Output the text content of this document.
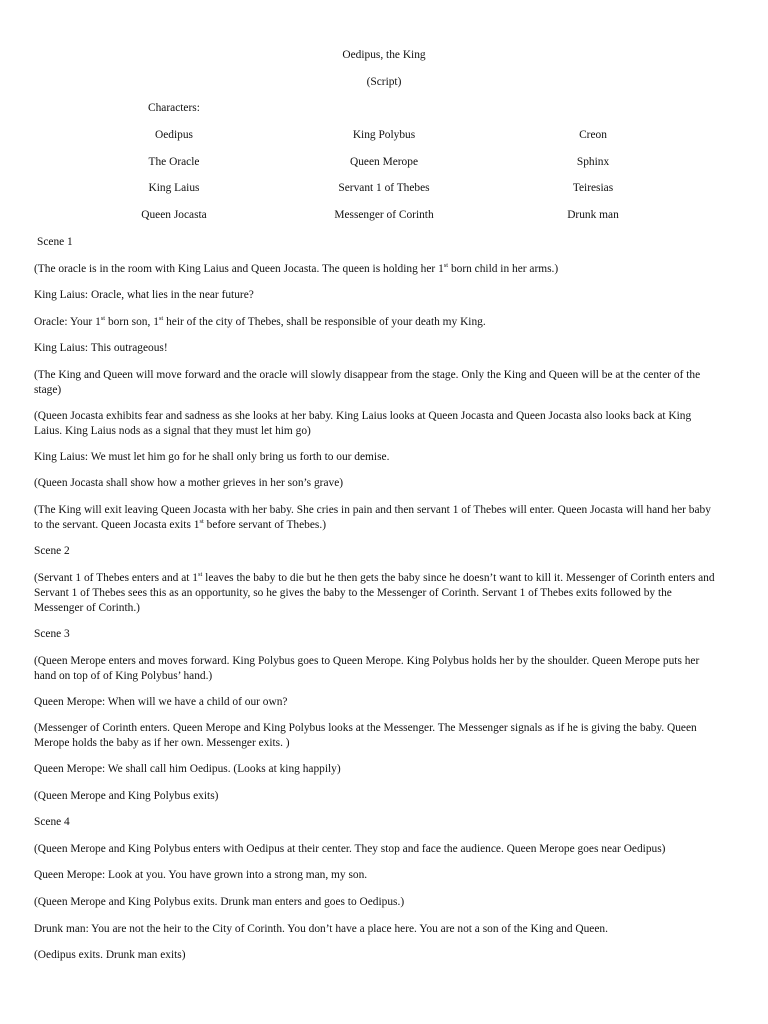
Oedipus, the King
(Script)
Characters:
Oedipus	King Polybus	Creon
The Oracle	Queen Merope	Sphinx
King Laius	Servant 1 of Thebes	Teiresias
Queen Jocasta	Messenger of Corinth	Drunk man
Scene 1
(The oracle is in the room with King Laius and Queen Jocasta. The queen is holding her 1st born child in her arms.)
King Laius: Oracle, what lies in the near future?
Oracle: Your 1st born son, 1st heir of the city of Thebes, shall be responsible of your death my King.
King Laius: This outrageous!
(The King and Queen will move forward and the oracle will slowly disappear from the stage. Only the King and Queen will be at the center of the
stage)
(Queen Jocasta exhibits fear and sadness as she looks at her baby. King Laius looks at Queen Jocasta and Queen Jocasta also looks back at King
Laius. King Laius nods as a signal that they must let him go)
King Laius: We must let him go for he shall only bring us forth to our demise.
(Queen Jocasta shall show how a mother grieves in her son’s grave)
(The King will exit leaving Queen Jocasta with her baby. She cries in pain and then servant 1 of Thebes will enter. Queen Jocasta will hand her baby
to the servant. Queen Jocasta exits 1st before servant of Thebes.)
Scene 2
(Servant 1 of Thebes enters and at 1st leaves the baby to die but he then gets the baby since he doesn’t want to kill it. Messenger of Corinth enters and
Servant 1 of Thebes sees this as an opportunity, so he gives the baby to the Messenger of Corinth. Servant 1 of Thebes exits followed by the
Messenger of Corinth.)
Scene 3
(Queen Merope enters and moves forward. King Polybus goes to Queen Merope. King Polybus holds her by the shoulder. Queen Merope puts her
hand on top of of King Polybus’ hand.)
Queen Merope: When will we have a child of our own?
(Messenger of Corinth enters. Queen Merope and King Polybus looks at the Messenger. The Messenger signals as if he is giving the baby. Queen
Merope holds the baby as if her own. Messenger exits. )
Queen Merope: We shall call him Oedipus. (Looks at king happily)
(Queen Merope and King Polybus exits)
Scene 4
(Queen Merope and King Polybus enters with Oedipus at their center. They stop and face the audience. Queen Merope goes near Oedipus)
Queen Merope: Look at you. You have grown into a strong man, my son.
(Queen Merope and King Polybus exits. Drunk man enters and goes to Oedipus.)
Drunk man: You are not the heir to the City of Corinth. You don’t have a place here. You are not a son of the King and Queen.
(Oedipus exits. Drunk man exits)
